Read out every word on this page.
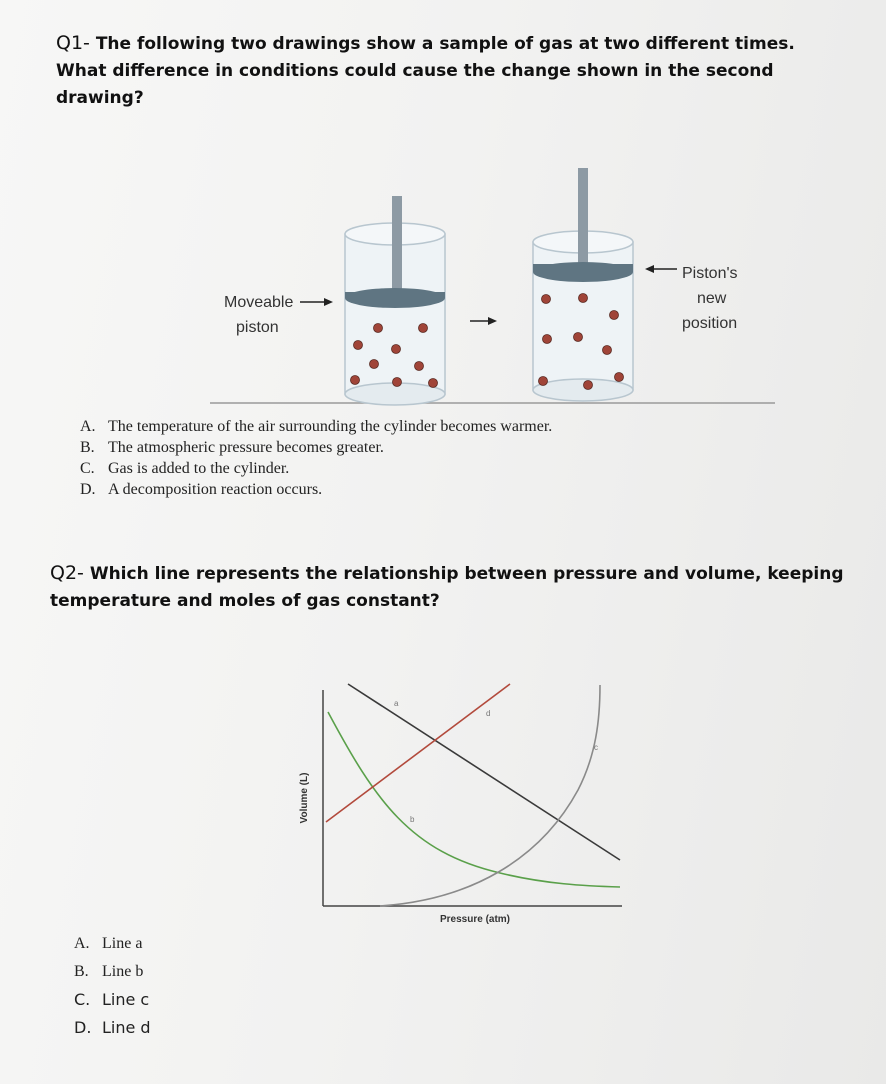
Q1- The following two drawings show a sample of gas at two different times. What difference in conditions could cause the change shown in the second drawing?

Moveable
piston
Piston's
new
position
A. The temperature of the air surrounding the cylinder becomes warmer.
B. The atmospheric pressure becomes greater.
C. Gas is added to the cylinder.
D. A decomposition reaction occurs.

Q2- Which line represents the relationship between pressure and volume, keeping temperature and moles of gas constant?

Pressure (atm)
Volume (L)
a
b
c
d
A. Line a
B. Line b
C. Line c
D. Line d
